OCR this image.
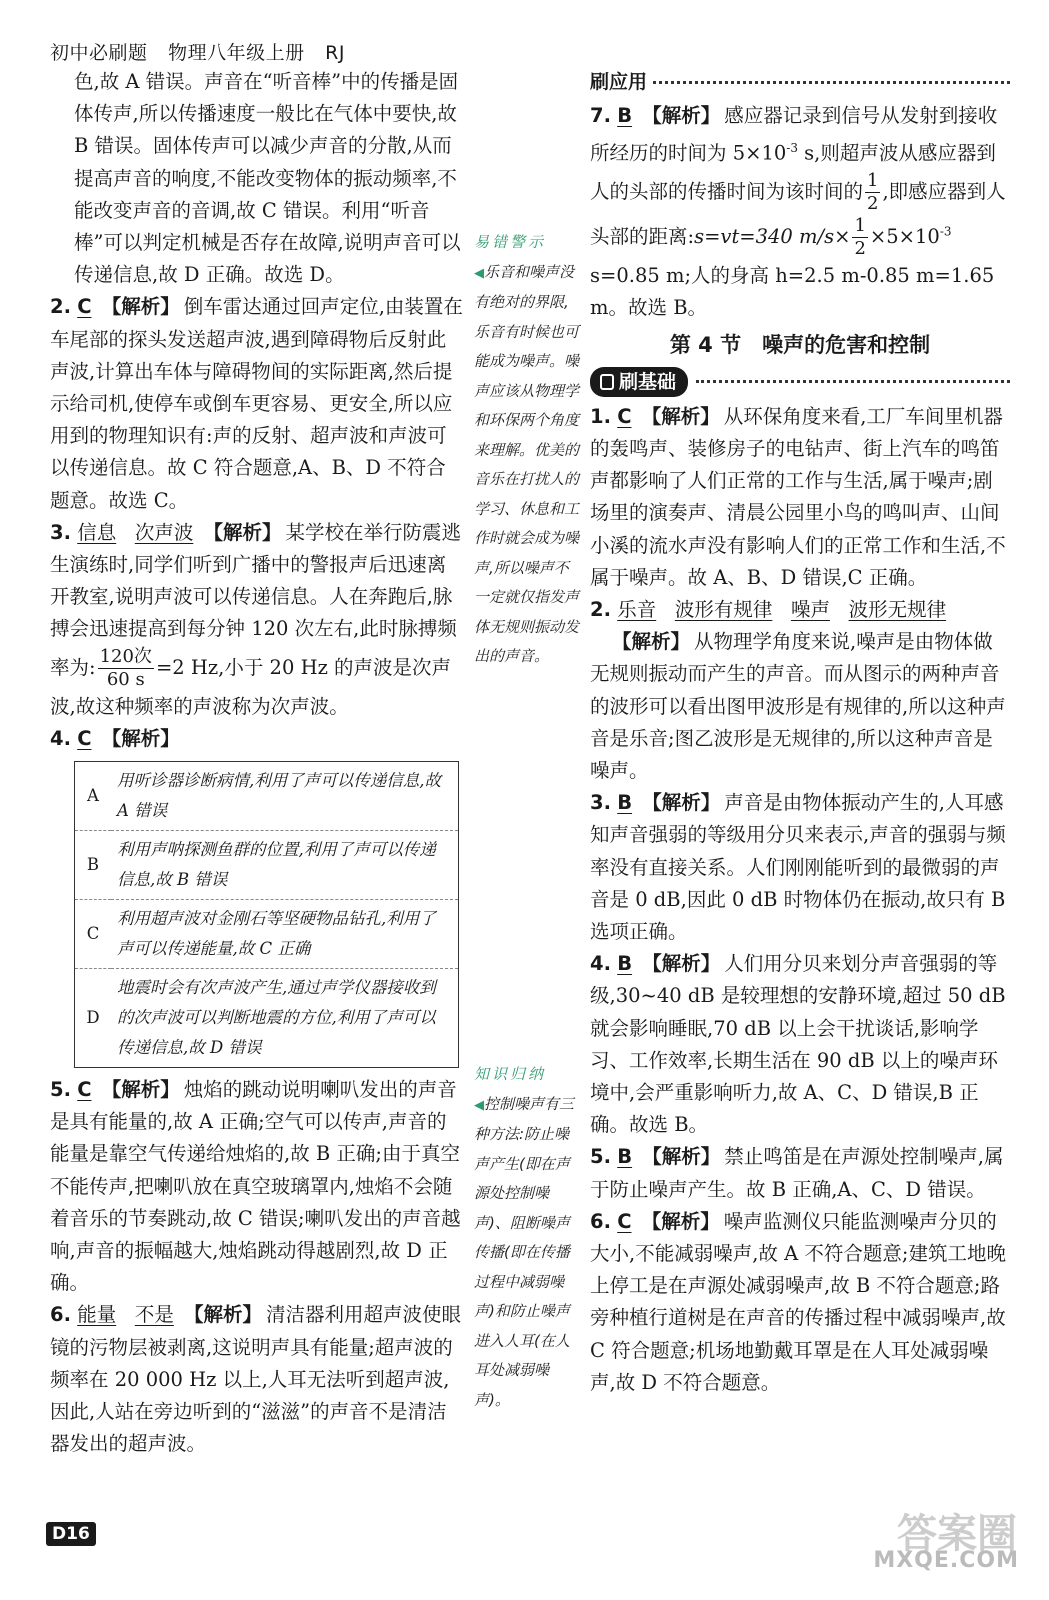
初中必刷题 物理八年级上册 RJ

色,故 A 错误。声音在“听音棒”中的传播是固体传声,所以传播速度一般比在气体中要快,故 B 错误。固体传声可以减少声音的分散,从而提高声音的响度,不能改变物体的振动频率,不能改变声音的音调,故 C 错误。利用“听音棒”可以判定机械是否存在故障,说明声音可以传递信息,故 D 正确。故选 D。

2. C 【解析】 倒车雷达通过回声定位,由装置在车尾部的探头发送超声波,遇到障碍物后反射此声波,计算出车体与障碍物间的实际距离,然后提示给司机,使停车或倒车更容易、更安全,所以应用到的物理知识有:声的反射、超声波和声波可以传递信息。故 C 符合题意,A、B、D 不符合题意。故选 C。

3. 信息 次声波 【解析】 某学校在举行防震逃生演练时,同学们听到广播中的警报声后迅速离开教室,说明声波可以传递信息。人在奔跑后,脉搏会迅速提高到每分钟 120 次左右,此时脉搏频率为: $\frac{\text{120次}}{60 s} =2$ Hz,小于 20 Hz 的声波是次声波,故这种频率的声波称为次声波。

4. C 【解析】

A	用听诊器诊断病情,利用了声可以传递信息,故 A 错误
B	利用声呐探测鱼群的位置,利用了声可以传递信息,故 B 错误
C	利用超声波对金刚石等坚硬物品钻孔,利用了声可以传递能量,故 C 正确
D	地震时会有次声波产生,通过声学仪器接收到的次声波可以判断地震的方位,利用了声可以传递信息,故 D 错误

5. C 【解析】 烛焰的跳动说明喇叭发出的声音是具有能量的,故 A 正确;空气可以传声,声音的能量是靠空气传递给烛焰的,故 B 正确;由于真空不能传声,把喇叭放在真空玻璃罩内,烛焰不会随着音乐的节奏跳动,故 C 错误;喇叭发出的声音越响,声音的振幅越大,烛焰跳动得越剧烈,故 D 正确。

6. 能量 不是 【解析】 清洁器利用超声波使眼镜的污物层被剥离,这说明声具有能量;超声波的频率在 20 000 Hz 以上,人耳无法听到超声波,因此,人站在旁边听到的“滋滋”的声音不是清洁器发出的超声波。

易错警示
◀乐音和噪声没有绝对的界限,乐音有时候也可能成为噪声。噪声应该从物理学和环保两个角度来理解。优美的音乐在打扰人的学习、休息和工作时就会成为噪声,所以噪声不一定就仅指发声体无规则振动发出的声音。
知识归纳
◀控制噪声有三种方法:防止噪声产生(即在声源处控制噪声)、阻断噪声传播(即在传播过程中减弱噪声)和防止噪声进入人耳(在人耳处减弱噪声)。
刷应用

7. B 【解析】 感应器记录到信号从发射到接收所经历的时间为 $5\times 10^{-3}$ s,则超声波从感应器到人的头部的传播时间为该时间的 $\frac{1}{2}$ ,即感应器到人头部的距离:s=vt=340 $m/s\times \frac{1}{2} \times 5\times 10^{-3}$ s=0.85 m;人的身高 h=2.5 m-0.85 m=1.65 m。故选 B。

第 4 节　噪声的危害和控制
刷基础

1. C 【解析】 从环保角度来看,工厂车间里机器的轰鸣声、装修房子的电钻声、街上汽车的鸣笛声都影响了人们正常的工作与生活,属于噪声;剧场里的演奏声、清晨公园里小鸟的鸣叫声、山间小溪的流水声没有影响人们的正常工作和生活,不属于噪声。故 A、B、D 错误,C 正确。

2. 乐音 波形有规律 噪声 波形无规律
【解析】 从物理学角度来说,噪声是由物体做无规则振动而产生的声音。而从图示的两种声音的波形可以看出图甲波形是有规律的,所以这种声音是乐音;图乙波形是无规律的,所以这种声音是噪声。

3. B 【解析】 声音是由物体振动产生的,人耳感知声音强弱的等级用分贝来表示,声音的强弱与频率没有直接关系。人们刚刚能听到的最微弱的声音是 0 dB,因此 0 dB 时物体仍在振动,故只有 B 选项正确。

4. B 【解析】 人们用分贝来划分声音强弱的等级,30~40 dB 是较理想的安静环境,超过 50 dB 就会影响睡眠,70 dB 以上会干扰谈话,影响学习、工作效率,长期生活在 90 dB 以上的噪声环境中,会严重影响听力,故 A、C、D 错误,B 正确。故选 B。

5. B 【解析】 禁止鸣笛是在声源处控制噪声,属于防止噪声产生。故 B 正确,A、C、D 错误。

6. C 【解析】 噪声监测仪只能监测噪声分贝的大小,不能减弱噪声,故 A 不符合题意;建筑工地晚上停工是在声源处减弱噪声,故 B 不符合题意;路旁种植行道树是在声音的传播过程中减弱噪声,故 C 符合题意;机场地勤戴耳罩是在人耳处减弱噪声,故 D 不符合题意。

D16	答案圈
MXQE.COM
